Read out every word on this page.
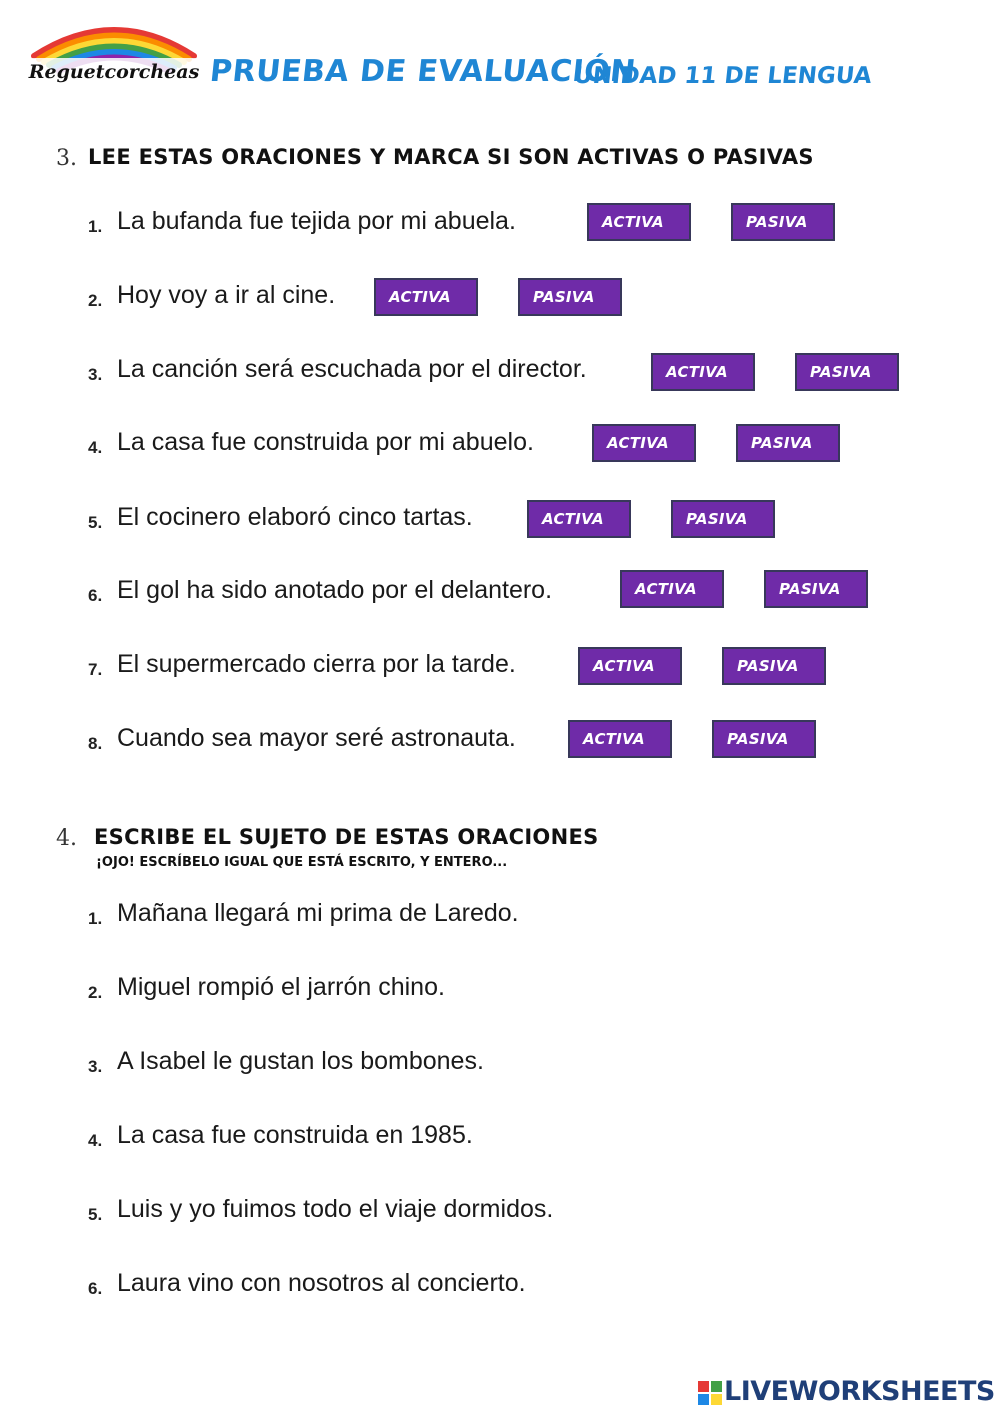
Reguetcorcheas PRUEBA DE EVALUACIÓN
UNIDAD 11 DE LENGUA
3. LEE ESTAS ORACIONES Y MARCA SI SON ACTIVAS O PASIVAS
1. La bufanda fue tejida por mi abuela.	ACTIVA	PASIVA
2. Hoy voy a ir al cine.	ACTIVA	PASIVA
3. La canción será escuchada por el director.	ACTIVA	PASIVA
4. La casa fue construida por mi abuelo.	ACTIVA	PASIVA
5. El cocinero elaboró cinco tartas.	ACTIVA	PASIVA
6. El gol ha sido anotado por el delantero.	ACTIVA	PASIVA
7. El supermercado cierra por la tarde.	ACTIVA	PASIVA
8. Cuando sea mayor seré astronauta.	ACTIVA	PASIVA
4. ESCRIBE EL SUJETO DE ESTAS ORACIONES
¡OJO! ESCRÍBELO IGUAL QUE ESTÁ ESCRITO, Y ENTERO...
1. Mañana llegará mi prima de Laredo.
2. Miguel rompió el jarrón chino.
3. A Isabel le gustan los bombones.
4. La casa fue construida en 1985.
5. Luis y yo fuimos todo el viaje dormidos.
6. Laura vino con nosotros al concierto.
LIVEWORKSHEETS
